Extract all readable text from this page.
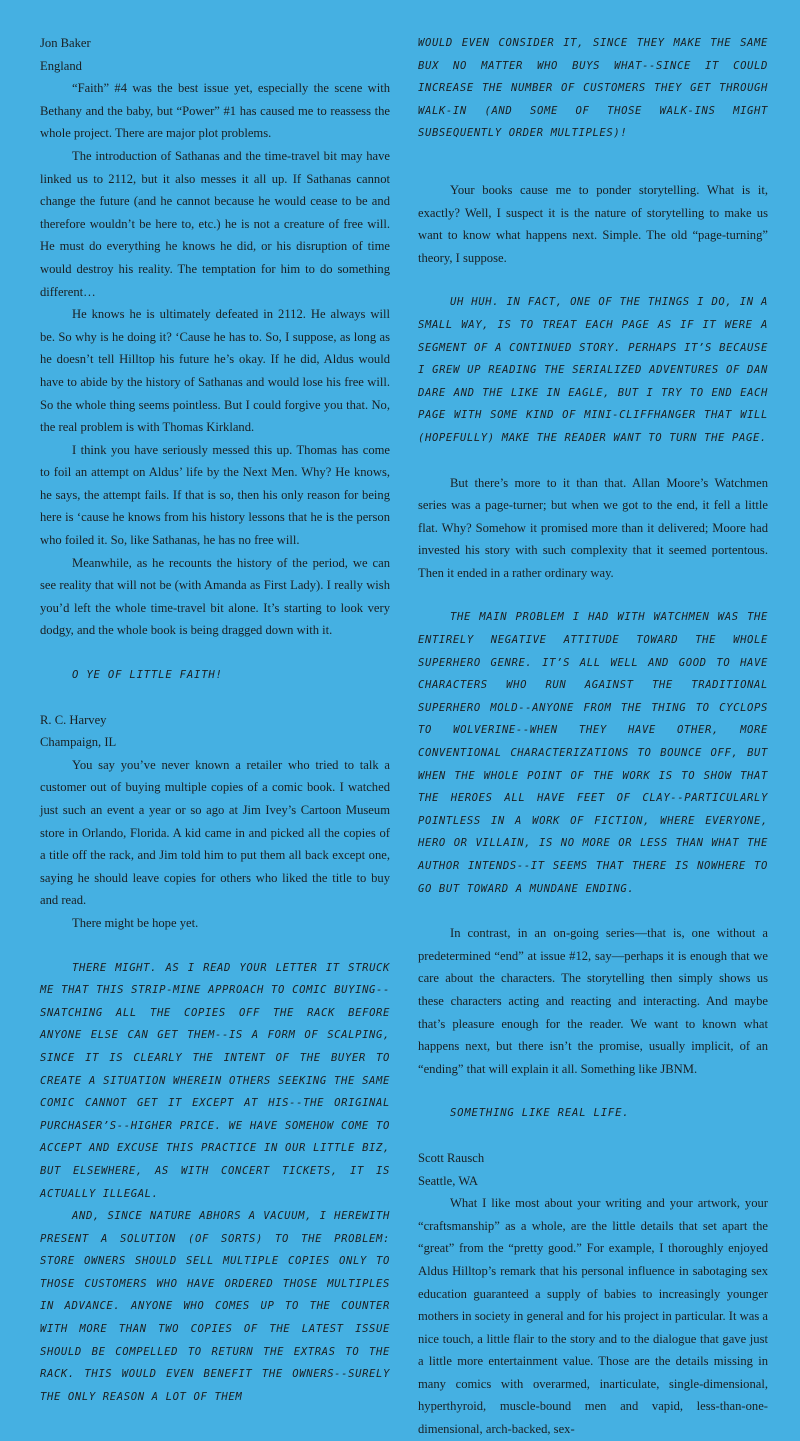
Jon Baker

England

“Faith” #4 was the best issue yet, especially the scene with Bethany and the baby, but “Power” #1 has caused me to reassess the whole project. There are major plot problems.

The introduction of Sathanas and the time-travel bit may have linked us to 2112, but it also messes it all up. If Sathanas cannot change the future (and he cannot because he would cease to be and therefore wouldn’t be here to, etc.) he is not a creature of free will. He must do everything he knows he did, or his disruption of time would destroy his reality. The temptation for him to do something different…

He knows he is ultimately defeated in 2112. He always will be. So why is he doing it? ‘Cause he has to. So, I suppose, as long as he doesn’t tell Hilltop his future he’s okay. If he did, Aldus would have to abide by the history of Sathanas and would lose his free will. So the whole thing seems pointless. But I could forgive you that. No, the real problem is with Thomas Kirkland.

I think you have seriously messed this up. Thomas has come to foil an attempt on Aldus’ life by the Next Men. Why? He knows, he says, the attempt fails. If that is so, then his only reason for being here is ‘cause he knows from his history lessons that he is the person who foiled it. So, like Sathanas, he has no free will.

Meanwhile, as he recounts the history of the period, we can see reality that will not be (with Amanda as First Lady). I really wish you’d left the whole time-travel bit alone. It’s starting to look very dodgy, and the whole book is being dragged down with it.

O YE OF LITTLE FAITH!

R. C. Harvey

Champaign, IL

You say you’ve never known a retailer who tried to talk a customer out of buying multiple copies of a comic book. I watched just such an event a year or so ago at Jim Ivey’s Cartoon Museum store in Orlando, Florida. A kid came in and picked all the copies of a title off the rack, and Jim told him to put them all back except one, saying he should leave copies for others who liked the title to buy and read.

There might be hope yet.

THERE MIGHT. AS I READ YOUR LETTER IT STRUCK ME THAT THIS STRIP-MINE APPROACH TO COMIC BUYING--SNATCHING ALL THE COPIES OFF THE RACK BEFORE ANYONE ELSE CAN GET THEM--IS A FORM OF SCALPING, SINCE IT IS CLEARLY THE INTENT OF THE BUYER TO CREATE A SITUATION WHEREIN OTHERS SEEKING THE SAME COMIC CANNOT GET IT EXCEPT AT HIS--THE ORIGINAL PURCHASER’S--HIGHER PRICE. WE HAVE SOMEHOW COME TO ACCEPT AND EXCUSE THIS PRACTICE IN OUR LITTLE BIZ, BUT ELSEWHERE, AS WITH CONCERT TICKETS, IT IS ACTUALLY ILLEGAL.

AND, SINCE NATURE ABHORS A VACUUM, I HEREWITH PRESENT A SOLUTION (OF SORTS) TO THE PROBLEM: STORE OWNERS SHOULD SELL MULTIPLE COPIES ONLY TO THOSE CUSTOMERS WHO HAVE ORDERED THOSE MULTIPLES IN ADVANCE. ANYONE WHO COMES UP TO THE COUNTER WITH MORE THAN TWO COPIES OF THE LATEST ISSUE SHOULD BE COMPELLED TO RETURN THE EXTRAS TO THE RACK. THIS WOULD EVEN BENEFIT THE OWNERS--SURELY THE ONLY REASON A LOT OF THEM

WOULD EVEN CONSIDER IT, SINCE THEY MAKE THE SAME BUX NO MATTER WHO BUYS WHAT--SINCE IT COULD INCREASE THE NUMBER OF CUSTOMERS THEY GET THROUGH WALK-IN (AND SOME OF THOSE WALK-INS MIGHT SUBSEQUENTLY ORDER MULTIPLES)!

Your books cause me to ponder storytelling. What is it, exactly? Well, I suspect it is the nature of storytelling to make us want to know what happens next. Simple. The old “page-turning” theory, I suppose.

UH HUH. IN FACT, ONE OF THE THINGS I DO, IN A SMALL WAY, IS TO TREAT EACH PAGE AS IF IT WERE A SEGMENT OF A CONTINUED STORY. PERHAPS IT’S BECAUSE I GREW UP READING THE SERIALIZED ADVENTURES OF DAN DARE AND THE LIKE IN EAGLE, BUT I TRY TO END EACH PAGE WITH SOME KIND OF MINI-CLIFFHANGER THAT WILL (HOPEFULLY) MAKE THE READER WANT TO TURN THE PAGE.

But there’s more to it than that. Allan Moore’s Watchmen series was a page-turner; but when we got to the end, it fell a little flat. Why? Somehow it promised more than it delivered; Moore had invested his story with such complexity that it seemed portentous. Then it ended in a rather ordinary way.

THE MAIN PROBLEM I HAD WITH WATCHMEN WAS THE ENTIRELY NEGATIVE ATTITUDE TOWARD THE WHOLE SUPERHERO GENRE. IT’S ALL WELL AND GOOD TO HAVE CHARACTERS WHO RUN AGAINST THE TRADITIONAL SUPERHERO MOLD--ANYONE FROM THE THING TO CYCLOPS TO WOLVERINE--WHEN THEY HAVE OTHER, MORE CONVENTIONAL CHARACTERIZATIONS TO BOUNCE OFF, BUT WHEN THE WHOLE POINT OF THE WORK IS TO SHOW THAT THE HEROES ALL HAVE FEET OF CLAY--PARTICULARLY POINTLESS IN A WORK OF FICTION, WHERE EVERYONE, HERO OR VILLAIN, IS NO MORE OR LESS THAN WHAT THE AUTHOR INTENDS--IT SEEMS THAT THERE IS NOWHERE TO GO BUT TOWARD A MUNDANE ENDING.

In contrast, in an on-going series—that is, one without a predetermined “end” at issue #12, say—perhaps it is enough that we care about the characters. The storytelling then simply shows us these characters acting and reacting and interacting. And maybe that’s pleasure enough for the reader. We want to known what happens next, but there isn’t the promise, usually implicit, of an “ending” that will explain it all. Something like JBNM.

SOMETHING LIKE REAL LIFE.

Scott Rausch

Seattle, WA

What I like most about your writing and your artwork, your “craftsmanship” as a whole, are the little details that set apart the “great” from the “pretty good.” For example, I thoroughly enjoyed Aldus Hilltop’s remark that his personal influence in sabotaging sex education guaranteed a supply of babies to increasingly younger mothers in society in general and for his project in particular. It was a nice touch, a little flair to the story and to the dialogue that gave just a little more entertainment value. Those are the details missing in many comics with overarmed, inarticulate, single-dimensional, hyperthyroid, muscle-bound men and vapid, less-than-one-dimensional, arch-backed, sex-
